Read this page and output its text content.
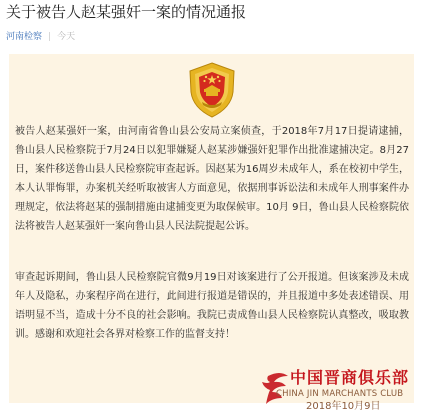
关于被告人赵某强奸一案的情况通报
河南检察 | 今天

被告人赵某强奸一案，由河南省鲁山县公安局立案侦查，于2018年7月17日提请逮捕，鲁山县人民检察院于7月24日以犯罪嫌疑人赵某涉嫌强奸犯罪作出批准逮捕决定。8月27日，案件移送鲁山县人民检察院审查起诉。因赵某为16周岁未成年人，系在校初中学生，本人认罪悔罪，办案机关经听取被害人方面意见，依据刑事诉讼法和未成年人刑事案件办理规定，依法将赵某的强制措施由逮捕变更为取保候审。10月 9日，鲁山县人民检察院依法将被告人赵某强奸一案向鲁山县人民法院提起公诉。

审查起诉期间，鲁山县人民检察院官微9月19日对该案进行了公开报道。但该案涉及未成年人及隐私，办案程序尚在进行，此间进行报道是错误的，并且报道中多处表述错误、用语明显不当，造成十分不良的社会影响。我院已责成鲁山县人民检察院认真整改，吸取教训。感谢和欢迎社会各界对检察工作的监督支持！

中国晋商俱乐部
CHINA JIN MARCHANTS CLUB
2018年10月9日
